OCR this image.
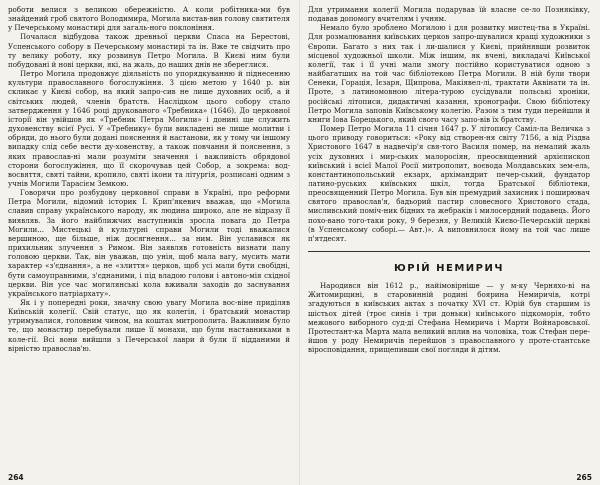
роботи велися з великою обережністю. А коли робітника-ми був знайдений гроб святого Володимира, Могила вистав-вив голову святителя у Печерському монастирі для загаль-ного поклоніння.

Почалася відбудова також древньої церкви Спаса на Берестові, Успенського собору в Печерському монастирі та ін. Вже те свідчить про ту велику роботу, яку розвинув Петро Могила. В Києві ним були побудовані й нові церкви, які, на жаль, до наших днів не збереглися.

Петро Могила продовжує діяльність по упорядкуванню й піднесенню культури православного богослужіння. З цією метою у 1640 р. він скликає у Києві собор, на який запро-сив не лише духовних осіб, а й світських людей, членів братств. Наслідком цього собору стало затвердження у 1646 році друкованого «Требника» (1646). До церковної історії він увійшов як «Требник Петра Могили» і донині ще служить духовенству всієї Русі. У «Требнику» були викладені не лише молитви і обряди, до нього були додані пояснення й настанови, як у тому чи іншому випадку слід себе вести ду-ховенству, а також повчання й пояснення, з яких православ-ні мали розуміти значення і важливість обрядової сторони богослужіння, що її скорочував цей Собор, а зокрема: вод-восвяття, святі тайни, кропило, святі ікони та літургія, розписані одним з учнів Могили Тарасієм Земкою.

Говорячи про розбудову церковної справи в Україні, про реформи Петра Могили, відомий історик І. Крип'якевич вважав, що «Могила славив справу українського народу, як людина широко, але не відразу її виявляв. За його найближчих наступників зросла повага до Петра Могили... Мистецькі й культурні справи Могили тоді вважалися вершиною, ще більше, ніж досягнення... за ним. Він уславився як прихильник злучення з Римом. Він заявляв готовність визнати папу головою церкви. Так, він уважав, що унія, щоб мала вагу, мусить мати характер «з'єднання», а не «злиття» церков, щоб усі мали бути свобідні, бути самоуправними, з'єднаними, і під владою голови і автоно-мія східної церкви. Він усе час могилянські кола вживали заходів до заснування українського патріархату».

Як і у попередні роки, значну свою увагу Могила вос-віне приділяв Київській колегії. Свій статус, що як колегія, і братський монастир утримувалися, головним чином, на коштах митрополита. Важливим було те, що монастир перебували лише її монахи, що були наставниками в коле-гії. Всі вони вийшли з Печерської лаври й були ії відданими й вірністю православ'ю.

264

Для утримання колегії Могила подарував їй власне се-ло Позняківку, подавав допомогу вчителям і учням.

Немало було зроблено Могилою і для розвитку мистец-тва в Україні. Для розмалювання київських церков запро-шувалися кращі художники з Європи. Багато з них так і ли-шалися у Києві, прийнявши розвиток місцевої художньої школи. Між іншим, як вчені, викладачі Київської колегії, так і її учні мали змогу постійно користуватися одною з найбагатших на той час бібліотекою Петра Могили. В ній були твори Сенеки, Горація, Ієзаря, Щипрова, Макіявел-лі, трактати Аквінати та ін. Проте, з латиномовною літера-турою сусідували польські хроніки, російські літописи, дидактичні казання, хронографи. Свою бібліотеку Петро Могила заповів Київському колегію. Разом з тим туди перейшли й книги Іова Борецького, який свого часу запо-вів їх братству.

Помер Петро Могила 11 січня 1647 р. У літопису Саміл-ла Величка з цього приводу говориться: «Року від створен-ня світу 7156, а від Різдва Христового 1647 в надвечір'я свя-того Василя помер, на немалий жаль усіх духовних і мир-ських малоросіян, преосвященний архієпископ київський і всієї Малої Росії митрополит, воєвода Молдавських зем-ель, константинопольський екзарх, архімандрит печер-ський, фундатор латино-руських київських шкіл, тогда Братської бібліотеки, преосвященний Петро Могила. Був він премудрий захисник і поширювач святого православ'я, бадьорий пастир словесного Христового стада, мисливський поміч-ник бідних та жебраків і милосердний подавець. Його похо-вано того-таки року, 9 березня, у Великій Києво-Печерській церкві (в Успенському соборі.— Авт.)». А виповнилося йому на той час лише п'ятдесят.

ЮРІЙ НЕМИРИЧ

Народився він 1612 р., найімовірніше — у м-ку Черняхо-ві на Житомирщині, в старовинній родині боярина Немиричів, котрі згадуються в київських актах з початку XVI ст. Юрій був старшим із шістьох дітей (троє синів і три доньки) київського підкоморія, тобто межового виборного суд-ді Стефана Немирича і Марти Войнаровської. Протестант-ка Марта мала великий вплив на чоловіка, тож Стефан пере-йшов у роду Немиричів перейшов з православного у проте-стантське віросповідання, прищепивши свої погляди й дітям.

265
